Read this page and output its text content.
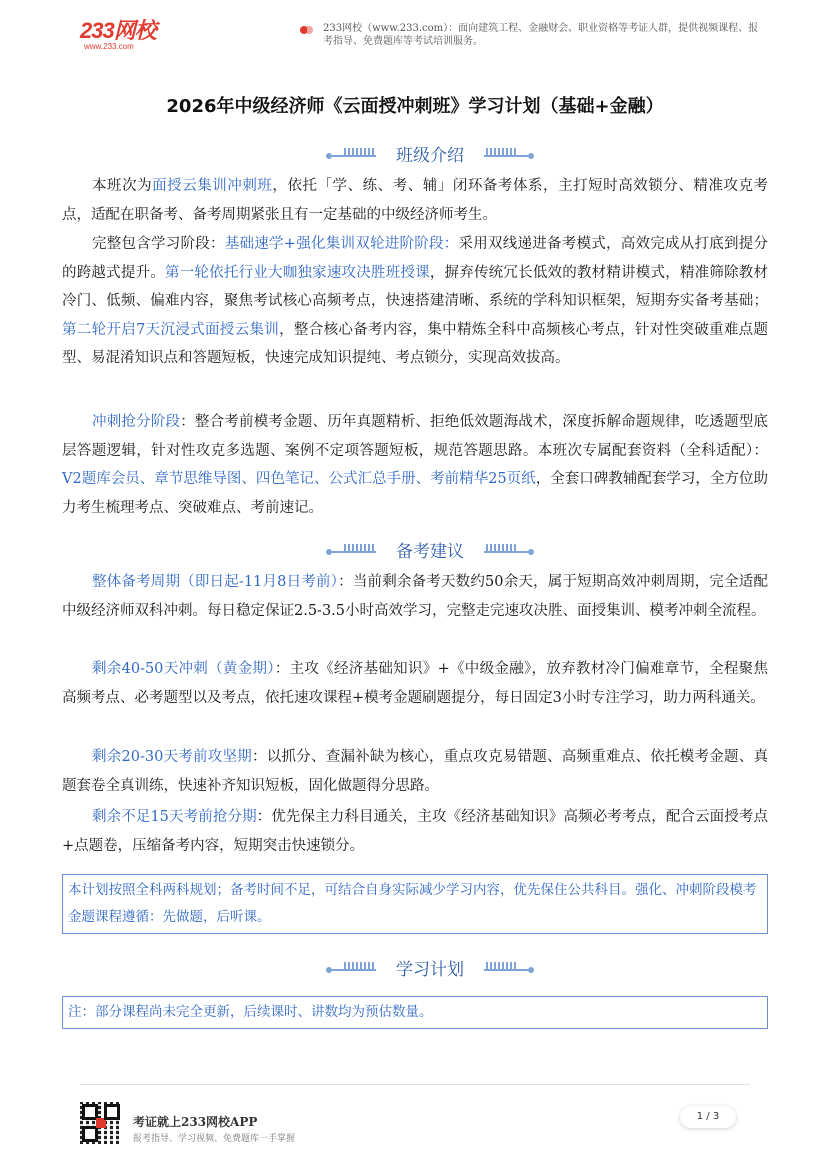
233网校
www.233.com
233网校（www.233.com）：面向建筑工程、金融财会、职业资格等考证人群，提供视频课程、报考指导、免费题库等考试培训服务。
2026年中级经济师《云面授冲刺班》学习计划（基础+金融）
班级介绍
本班次为面授云集训冲刺班，依托「学、练、考、辅」闭环备考体系，主打短时高效锁分、精准攻克考点，适配在职备考、备考周期紧张且有一定基础的中级经济师考生。
完整包含学习阶段：基础速学+强化集训双轮进阶阶段：采用双线递进备考模式，高效完成从打底到提分的跨越式提升。第一轮依托行业大咖独家速攻决胜班授课，摒弃传统冗长低效的教材精讲模式，精准筛除教材冷门、低频、偏难内容，聚焦考试核心高频考点，快速搭建清晰、系统的学科知识框架，短期夯实备考基础；第二轮开启7天沉浸式面授云集训，整合核心备考内容，集中精炼全科中高频核心考点，针对性突破重难点题型、易混淆知识点和答题短板，快速完成知识提纯、考点锁分，实现高效拔高。
冲刺抢分阶段：整合考前模考金题、历年真题精析、拒绝低效题海战术，深度拆解命题规律，吃透题型底层答题逻辑，针对性攻克多选题、案例不定项答题短板，规范答题思路。本班次专属配套资料（全科适配）：V2题库会员、章节思维导图、四色笔记、公式汇总手册、考前精华25页纸，全套口碑教辅配套学习，全方位助力考生梳理考点、突破难点、考前速记。
备考建议
整体备考周期（即日起-11月8日考前）：当前剩余备考天数约50余天，属于短期高效冲刺周期，完全适配中级经济师双科冲刺。每日稳定保证2.5-3.5小时高效学习，完整走完速攻决胜、面授集训、模考冲刺全流程。
剩余40-50天冲刺（黄金期）：主攻《经济基础知识》+《中级金融》，放弃教材冷门偏难章节，全程聚焦高频考点、必考题型以及考点，依托速攻课程+模考金题刷题提分，每日固定3小时专注学习，助力两科通关。
剩余20-30天考前攻坚期：以抓分、查漏补缺为核心，重点攻克易错题、高频重难点、依托模考金题、真题套卷全真训练，快速补齐知识短板，固化做题得分思路。
剩余不足15天考前抢分期：优先保主力科目通关，主攻《经济基础知识》高频必考考点，配合云面授考点+点题卷，压缩备考内容，短期突击快速锁分。
本计划按照全科两科规划；备考时间不足，可结合自身实际减少学习内容，优先保住公共科目。强化、冲刺阶段模考金题课程遵循：先做题，后听课。
学习计划
注：部分课程尚未完全更新，后续课时、讲数均为预估数量。
考证就上233网校APP
报考指导、学习视频、免费题库一手掌握
1 / 3
